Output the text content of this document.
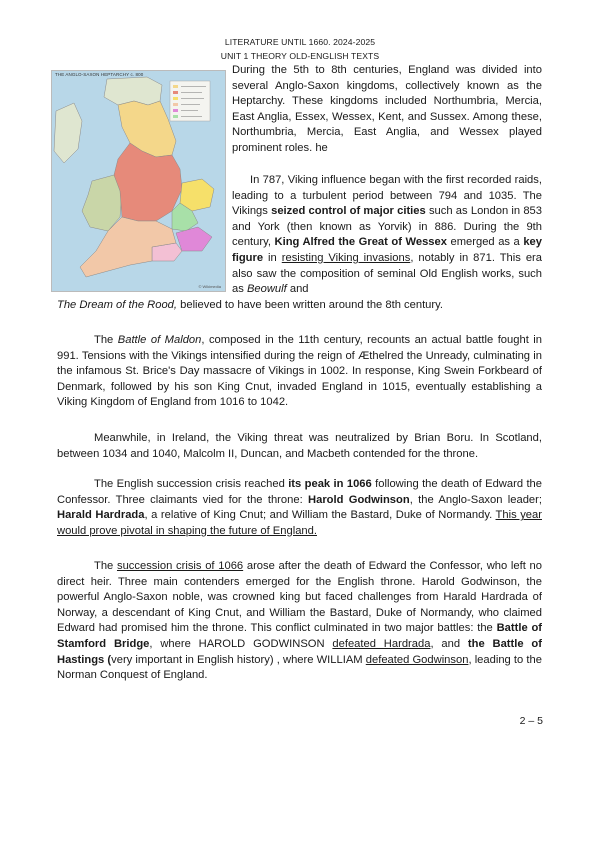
LITERATURE UNTIL 1660. 2024-2025
UNIT 1 THEORY OLD-ENGLISH TEXTS
THE ANGLO-SAXON HEPTARCHY c. 800
© Wikimedia
During the 5th to 8th centuries, England was divided into several Anglo-Saxon kingdoms, collectively known as the Heptarchy. These kingdoms included Northumbria, Mercia, East Anglia, Essex, Wessex, Kent, and Sussex. Among these, Northumbria, Mercia, East Anglia, and Wessex played prominent roles. he
In 787, Viking influence began with the first recorded raids, leading to a turbulent period between 794 and 1035. The Vikings seized control of major cities such as London in 853 and York (then known as Yorvik) in 886. During the 9th century, King Alfred the Great of Wessex emerged as a key figure in resisting Viking invasions, notably in 871. This era also saw the composition of seminal Old English works, such as Beowulf and
The Dream of the Rood, believed to have been written around the 8th century.
The Battle of Maldon, composed in the 11th century, recounts an actual battle fought in 991. Tensions with the Vikings intensified during the reign of Æthelred the Unready, culminating in the infamous St. Brice's Day massacre of Vikings in 1002. In response, King Swein Forkbeard of Denmark, followed by his son King Cnut, invaded England in 1015, eventually establishing a Viking Kingdom of England from 1016 to 1042.
Meanwhile, in Ireland, the Viking threat was neutralized by Brian Boru. In Scotland, between 1034 and 1040, Malcolm II, Duncan, and Macbeth contended for the throne.
The English succession crisis reached its peak in 1066 following the death of Edward the Confessor. Three claimants vied for the throne: Harold Godwinson, the Anglo-Saxon leader; Harald Hardrada, a relative of King Cnut; and William the Bastard, Duke of Normandy. This year would prove pivotal in shaping the future of England.
The succession crisis of 1066 arose after the death of Edward the Confessor, who left no direct heir. Three main contenders emerged for the English throne. Harold Godwinson, the powerful Anglo-Saxon noble, was crowned king but faced challenges from Harald Hardrada of Norway, a descendant of King Cnut, and William the Bastard, Duke of Normandy, who claimed Edward had promised him the throne. This conflict culminated in two major battles: the Battle of Stamford Bridge, where HAROLD GODWINSON defeated Hardrada, and the Battle of Hastings (very important in English history) , where WILLIAM defeated Godwinson, leading to the Norman Conquest of England.
2 – 5
